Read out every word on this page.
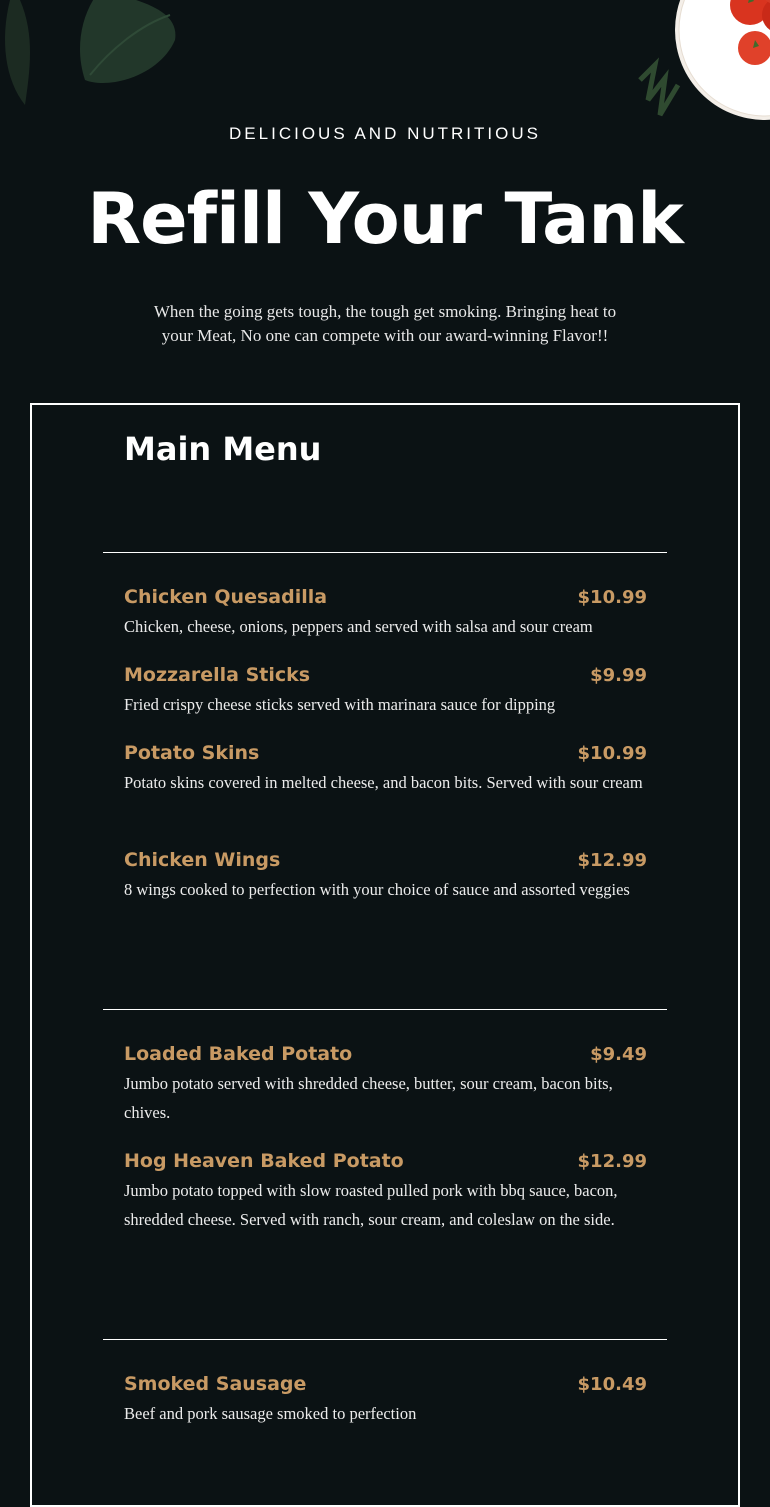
DELICIOUS AND NUTRITIOUS
Refill Your Tank
When the going gets tough, the tough get smoking. Bringing heat to your Meat, No one can compete with our award-winning Flavor!!
Main Menu
Chicken Quesadilla	$10.99
Chicken, cheese, onions, peppers and served with salsa and sour cream
Mozzarella Sticks	$9.99
Fried crispy cheese sticks served with marinara sauce for dipping
Potato Skins	$10.99
Potato skins covered in melted cheese, and bacon bits. Served with sour cream
Chicken Wings	$12.99
8 wings cooked to perfection with your choice of sauce and assorted veggies
Loaded Baked Potato	$9.49
Jumbo potato served with shredded cheese, butter, sour cream, bacon bits, chives.
Hog Heaven Baked Potato	$12.99
Jumbo potato topped with slow roasted pulled pork with bbq sauce, bacon, shredded cheese. Served with ranch, sour cream, and coleslaw on the side.
Smoked Sausage	$10.49
Beef and pork sausage smoked to perfection
